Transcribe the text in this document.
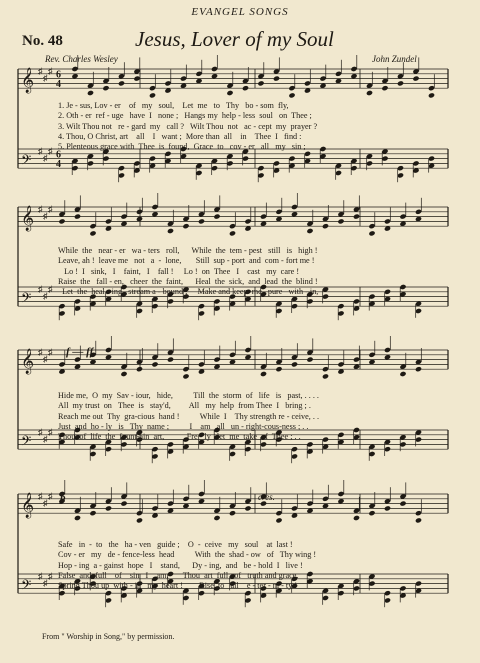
EVANGEL SONGS
No. 48	Jesus, Lover of my Soul
Rev. Charles Wesley	John Zundel
𝄞 ♯
♯
♯ 6
4
𝄢
♯
♯
♯ 6
4
1. Je - sus, Lov - er    of   my   soul,    Let  me   to   Thy   bo - som  fly,
2. Oth - er  ref - uge   have  I   none ;   Hangs my  help - less  soul   on  Thee ;
3. Wilt Thou not   re - gard  my   call ?   Wilt Thou  not   ac - cept  my  prayer ?
4. Thou, O Christ, art    all    I   want ;  More than  all    in    Thee  I   find :
5. Plenteous grace with  Thee  is  found,  Grace  to   cov - er   all   my   sin ;
𝄞 ♯
♯
♯
𝄢
♯
♯
♯
While  the   near - er   wa - ters   roll,      While  the  tem - pest   still   is   high !
Leave, ah !  leave me   not   a  -  lone,       Still  sup - port  and  com - fort me !
Lo !  I   sink,   I    faint,   I    fall !     Lo !  on  Thee   I    cast   my  care !
Raise  the   fall - en,   cheer  the  faint,      Heal  the  sick,  and  lead  the  blind !
Let  the  heal - ing   stream a - bound ;     Make and keep  me   pure   with - in,
𝄞 ♯
♯
♯
𝄢
♯
♯
♯
f — ff
Hide me,  O  my  Sav - iour,   hide,          Till  the  storm  of   life   is   past, . . . .
All  my trust  on   Thee  is   stay'd,         All   my  help  from Thee  I   bring ; .
Reach me out  Thy  gra-cious  hand !          While  I    Thy strength re - ceive, . .
Just  and  ho - ly   is   Thy  name ;          I    am   all   un - right-cous-ness ; . .
Thou  of  life  the  fount-ain  art,           Fre - ly   let  me  take  of  Thee ; . .
𝄞 ♯
♯
♯
𝄢
♯
♯
♯
p	cres.
Safe   in  -  to   the   ha - ven   guide ;    O  -  ceive   my   soul    at  last !
Cov - er   my   de - fence-less  head          With  the  shad - ow   of   Thy wing !
Hop - ing  a - gainst  hope   I    stand,      Dy - ing,  and   be - hold  I   live !
False  and  full    of    sin   I    am,       Thou  art  full   of   truth and grace.
Spring Thou up  with - in   my  heart !        Rise  to   all    e - ter - ni - ty !
From " Worship in Song," by permission.
